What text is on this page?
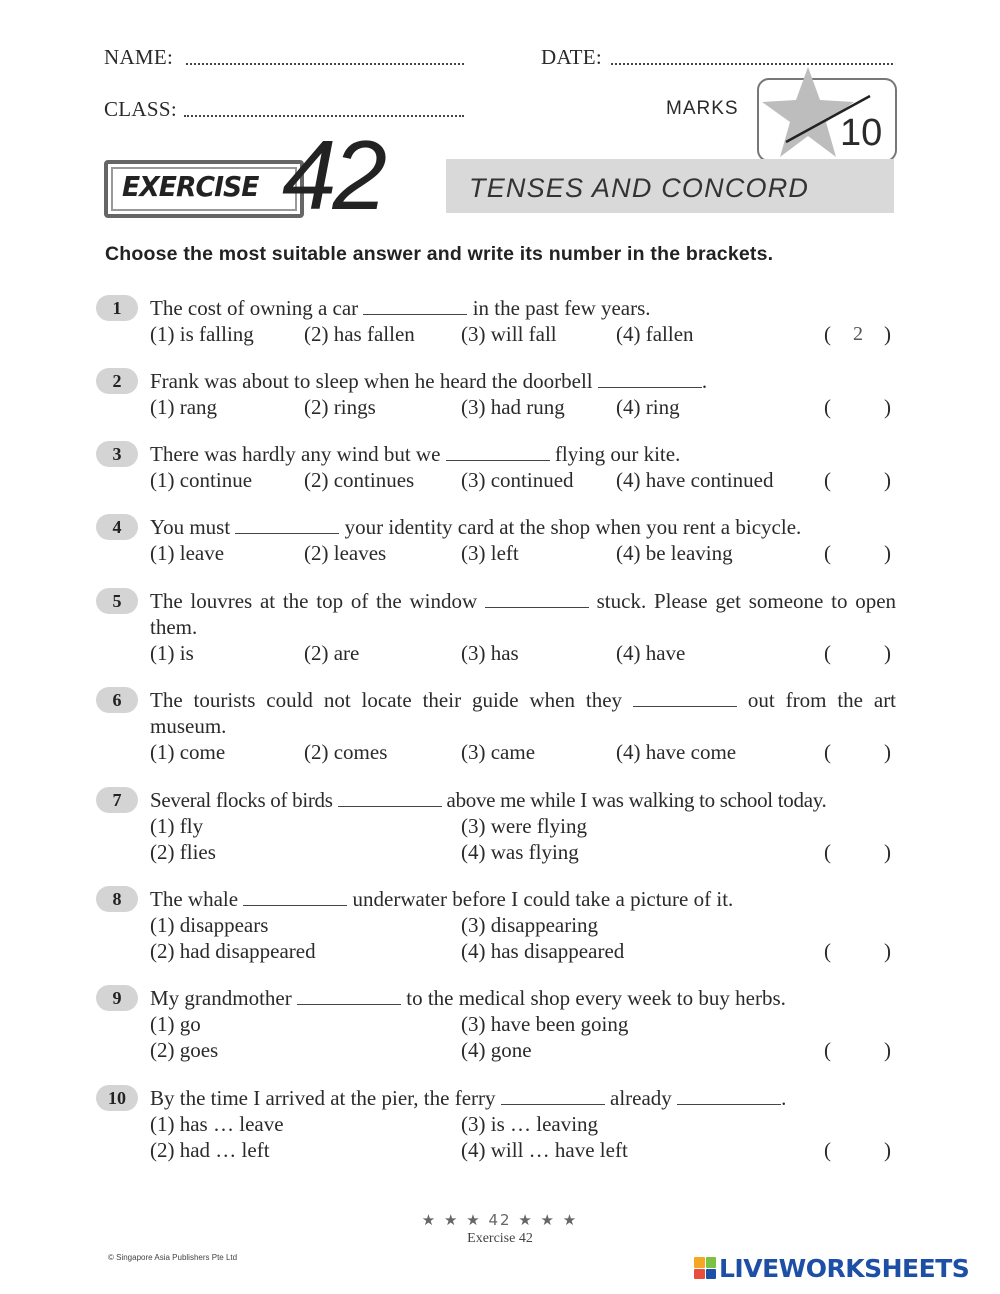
NAME:	DATE:
CLASS:	MARKS
10
EXERCISE 42	TENSES AND CONCORD
Choose the most suitable answer and write its number in the brackets.
1	The cost of owning a car	in the past few years.
(1) is falling (2) has fallen (3) will fall	(4) fallen	( 2 )
2	Frank was about to sleep when he heard the doorbell	.
(1) rang	(2) rings	(3) had rung (4) ring	(	)
3	There was hardly any wind but we	flying our kite.
(1) continue (2) continues (3) continued (4) have continued (	)
4	You must	your identity card at the shop when you rent a bicycle.
(1) leave	(2) leaves	(3) left	(4) be leaving	(	)
5	The louvres at the top of the window	stuck. Please get someone to open them.
(1) is	(2) are	(3) has	(4) have	(	)
6	The tourists could not locate their guide when they	out from the art museum.
(1) come	(2) comes	(3) came	(4) have come	(	)
7	Several flocks of birds	above me while I was walking to school today.
(1) fly
(2) flies
(3) were flying
(4) was flying	(	)
8	The whale	underwater before I could take a picture of it.
(1) disappears
(2) had disappeared
(3) disappearing
(4) has disappeared	(	)
9	My grandmother	to the medical shop every week to buy herbs.
(1) go
(2) goes
(3) have been going
(4) gone	(	)
10	By the time I arrived at the pier, the ferry	already	.
(1) has … leave
(2) had … left
(3) is … leaving
(4) will … have left	(	)
★ ★ ★ 42 ★ ★ ★
Exercise 42
© Singapore Asia Publishers Pte Ltd	LIVEWORKSHEETS
